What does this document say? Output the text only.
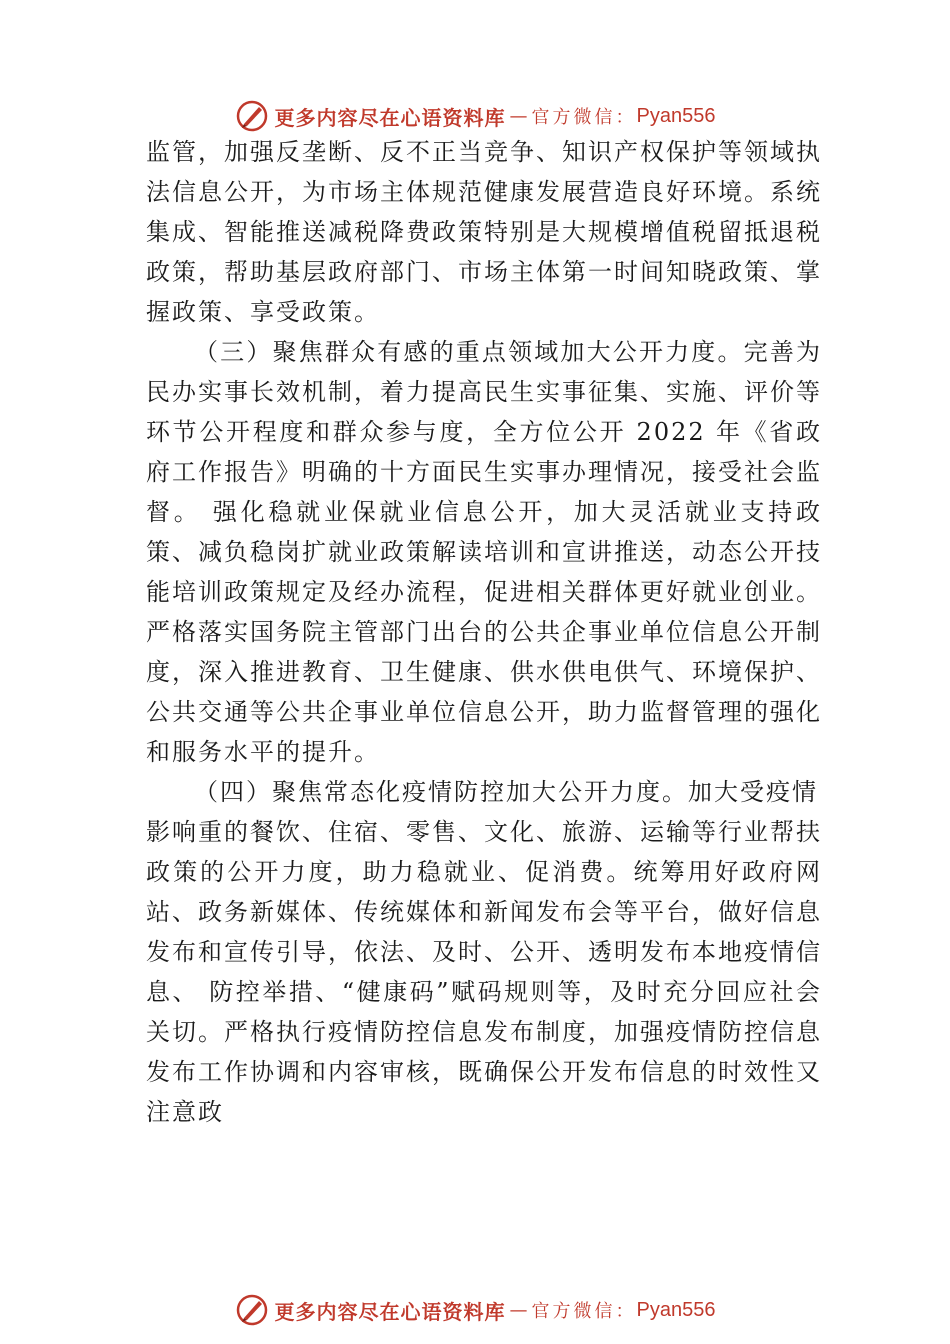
更多内容尽在心语资料库 — 官方微信： Pyan556

监管，加强反垄断、反不正当竞争、知识产权保护等领域执法信息公开，为市场主体规范健康发展营造良好环境。系统集成、智能推送减税降费政策特别是大规模增值税留抵退税政策，帮助基层政府部门、市场主体第一时间知晓政策、掌握政策、享受政策。

（三）聚焦群众有感的重点领域加大公开力度。完善为民办实事长效机制，着力提高民生实事征集、实施、评价等环节公开程度和群众参与度，全方位公开 2022 年《省政府工作报告》明确的十方面民生实事办理情况，接受社会监督。 强化稳就业保就业信息公开，加大灵活就业支持政策、减负稳岗扩就业政策解读培训和宣讲推送，动态公开技能培训政策规定及经办流程，促进相关群体更好就业创业。严格落实国务院主管部门出台的公共企事业单位信息公开制度，深入推进教育、卫生健康、供水供电供气、环境保护、公共交通等公共企事业单位信息公开，助力监督管理的强化和服务水平的提升。

（四）聚焦常态化疫情防控加大公开力度。加大受疫情

影响重的餐饮、住宿、零售、文化、旅游、运输等行业帮扶政策的公开力度，助力稳就业、促消费。统筹用好政府网站、政务新媒体、传统媒体和新闻发布会等平台，做好信息发布和宣传引导，依法、及时、公开、透明发布本地疫情信息、 防控举措、“健康码”赋码规则等，及时充分回应社会关切。严格执行疫情防控信息发布制度，加强疫情防控信息发布工作协调和内容审核，既确保公开发布信息的时效性又注意政

更多内容尽在心语资料库 — 官方微信： Pyan556
